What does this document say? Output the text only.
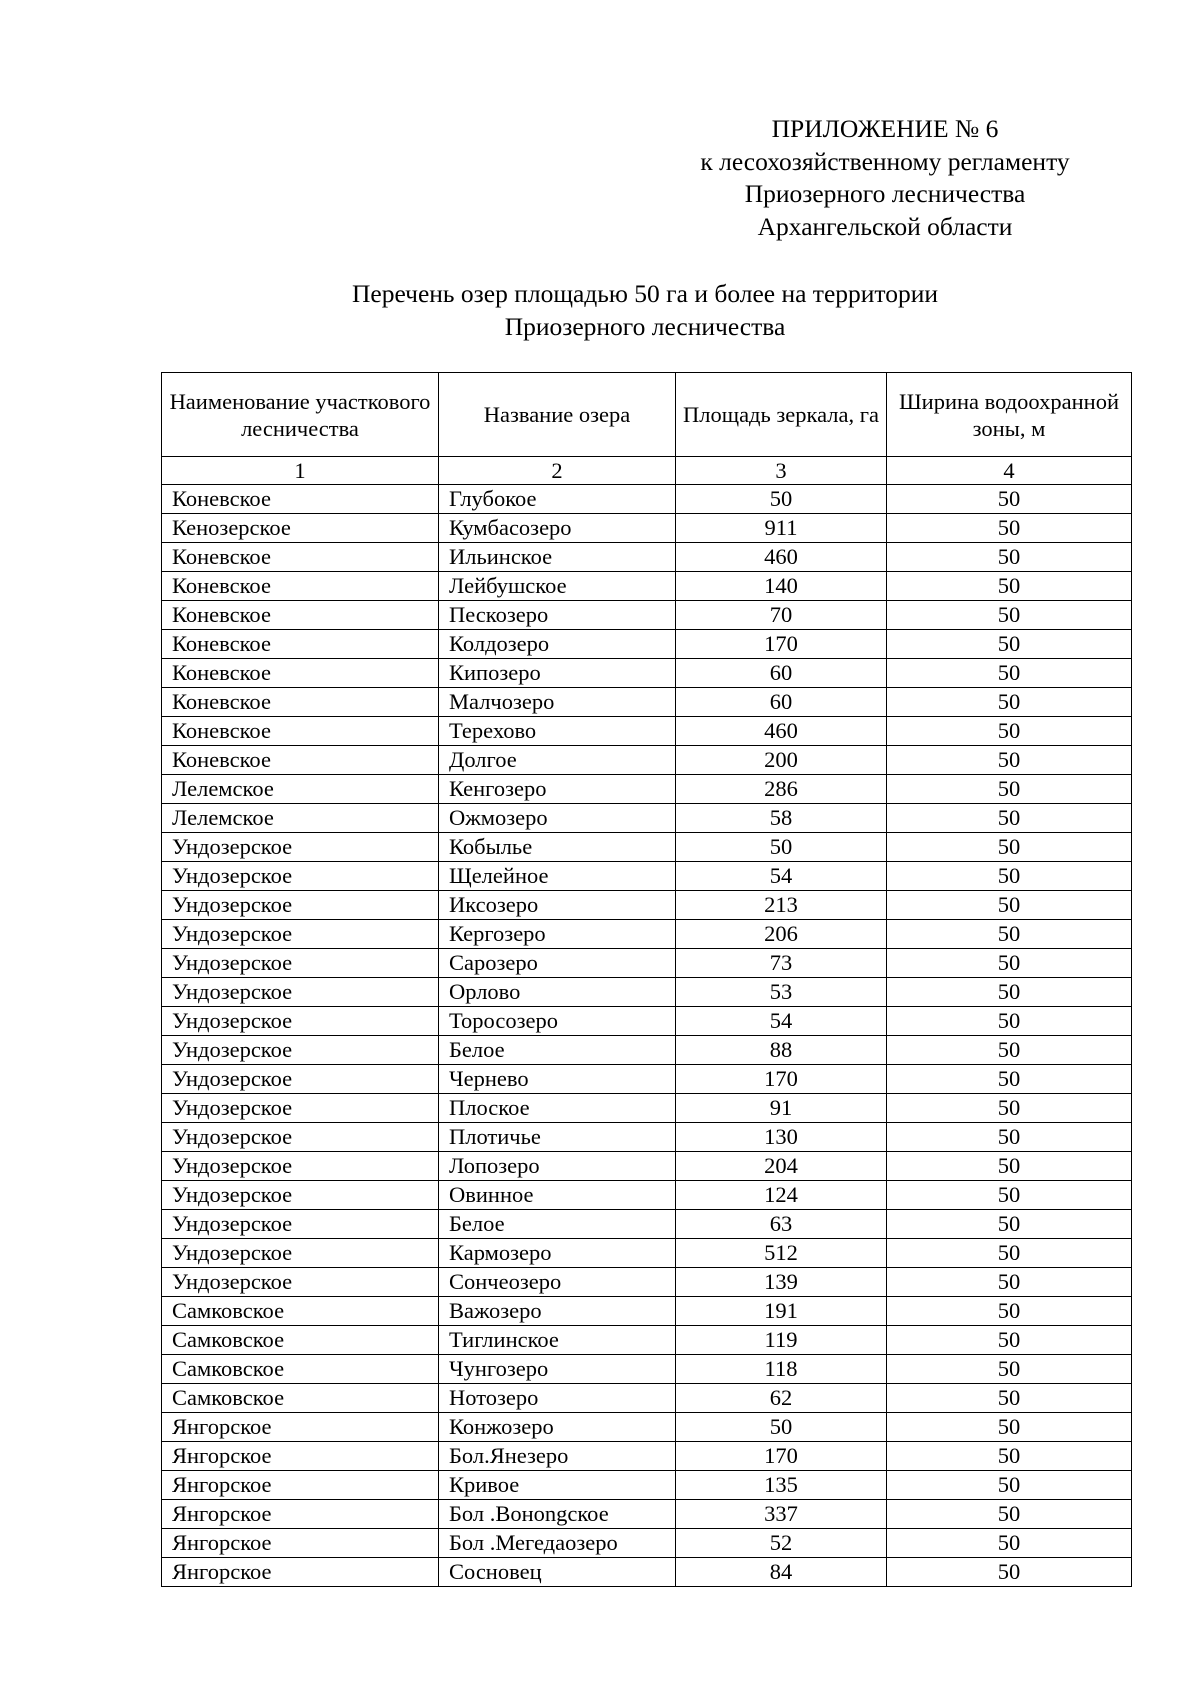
ПРИЛОЖЕНИЕ № 6
к лесохозяйственному регламенту
Приозерного лесничества
Архангельской области
Перечень озер площадью 50 га и более на территории
Приозерного лесничества
Наименование участкового лесничества	Название озера	Площадь зеркала, га	Ширина водоохранной зоны, м
1	2	3	4
Коневское	Глубокое	50	50
Кенозерское	Кумбасозеро	911	50
Коневское	Ильинское	460	50
Коневское	Лейбушское	140	50
Коневское	Пескозеро	70	50
Коневское	Колдозеро	170	50
Коневское	Кипозеро	60	50
Коневское	Малчозеро	60	50
Коневское	Терехово	460	50
Коневское	Долгое	200	50
Лелемское	Кенгозеро	286	50
Лелемское	Ожмозеро	58	50
Ундозерское	Кобылье	50	50
Ундозерское	Щелейное	54	50
Ундозерское	Иксозеро	213	50
Ундозерское	Кергозеро	206	50
Ундозерское	Сарозеро	73	50
Ундозерское	Орлово	53	50
Ундозерское	Торосозеро	54	50
Ундозерское	Белое	88	50
Ундозерское	Чернево	170	50
Ундозерское	Плоское	91	50
Ундозерское	Плотичье	130	50
Ундозерское	Лопозеро	204	50
Ундозерское	Овинное	124	50
Ундозерское	Белое	63	50
Ундозерское	Кармозеро	512	50
Ундозерское	Сончеозеро	139	50
Самковское	Важозеро	191	50
Самковское	Тиглинское	119	50
Самковское	Чунгозеро	118	50
Самковское	Нотозеро	62	50
Янгорское	Конжозеро	50	50
Янгорское	Бол.Янезеро	170	50
Янгорское	Кривое	135	50
Янгорское	Бол .Вонongское	337	50
Янгорское	Бол .Мегедаозеро	52	50
Янгорское	Сосновец	84	50
